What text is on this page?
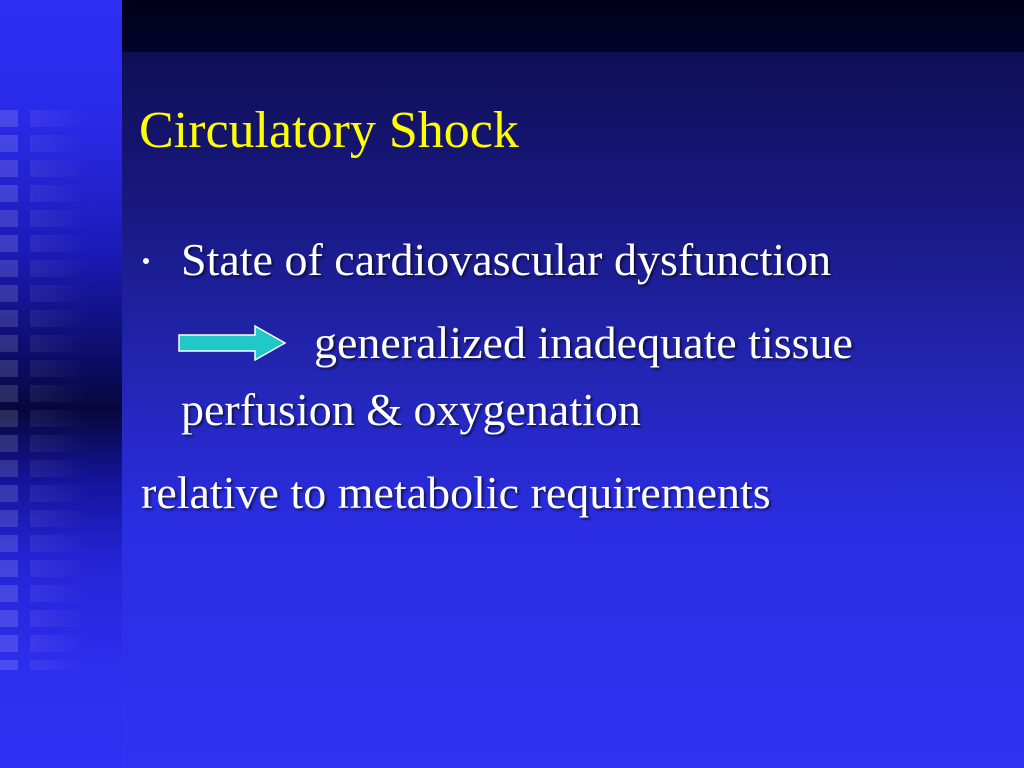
Circulatory Shock
State of cardiovascular dysfunction
generalized inadequate tissue
perfusion & oxygenation
relative to metabolic requirements
